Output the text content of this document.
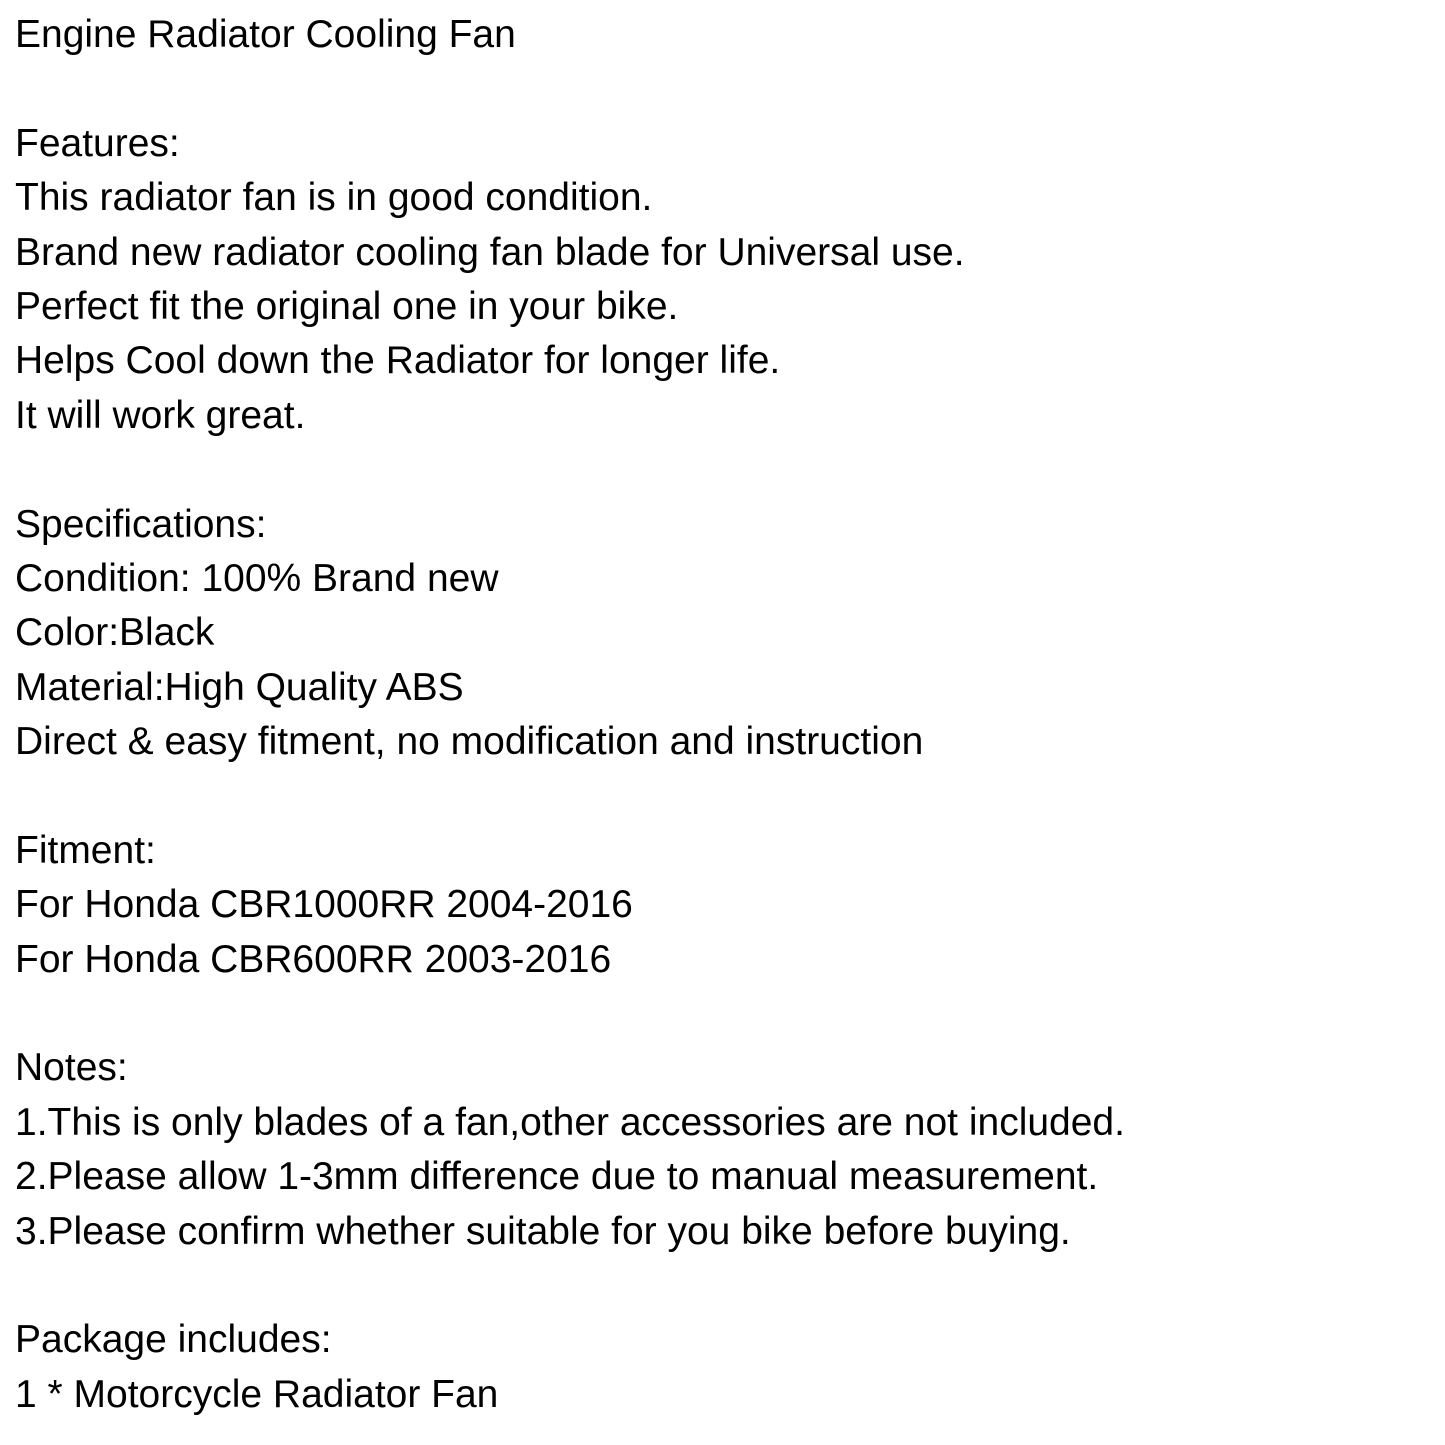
Engine Radiator Cooling Fan
Features:
This radiator fan is in good condition.
Brand new radiator cooling fan blade for Universal use.
Perfect fit the original one in your bike.
Helps Cool down the Radiator for longer life.
It will work great.
Specifications:
Condition: 100% Brand new
Color:Black
Material:High Quality ABS
Direct & easy fitment, no modification and instruction
Fitment:
For Honda CBR1000RR 2004-2016
For Honda CBR600RR 2003-2016
Notes:
1.This is only blades of a fan,other accessories are not included.
2.Please allow 1-3mm difference due to manual measurement.
3.Please confirm whether suitable for you bike before buying.
Package includes:
1 * Motorcycle Radiator Fan
